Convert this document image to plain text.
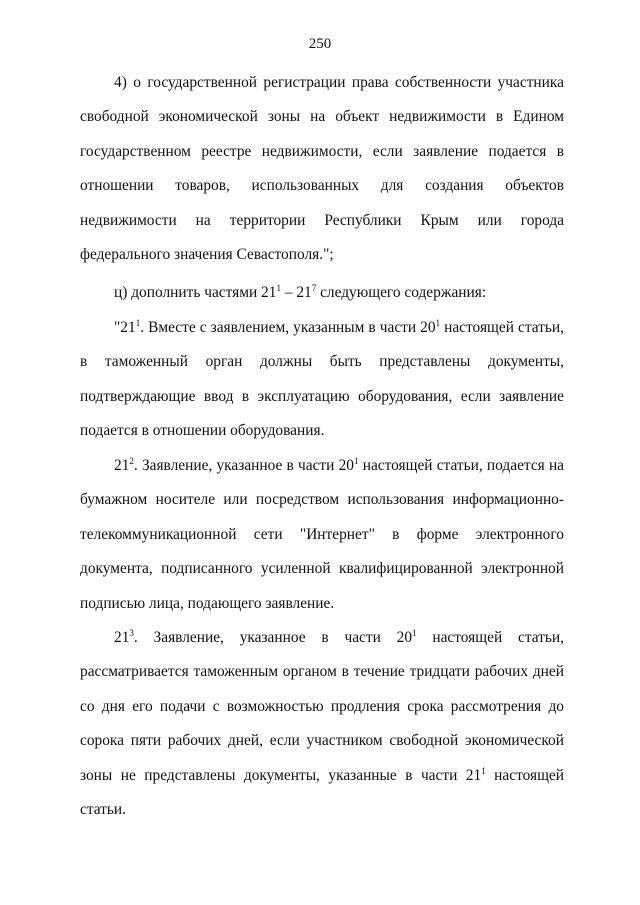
250

4) о государственной регистрации права собственности участника свободной экономической зоны на объект недвижимости в Едином государственном реестре недвижимости, если заявление подается в отношении товаров, использованных для создания объектов недвижимости на территории Республики Крым или города федерального значения Севастополя.";

ц) дополнить частями $21^1 - 21^7$ следующего содержания:

"$21^1$. Вместе с заявлением, указанным в части $20^1$ настоящей статьи, в таможенный орган должны быть представлены документы, подтверждающие ввод в эксплуатацию оборудования, если заявление подается в отношении оборудования.

$21^2$. Заявление, указанное в части $20^1$ настоящей статьи, подается на бумажном носителе или посредством использования информационно-телекоммуникационной сети "Интернет" в форме электронного документа, подписанного усиленной квалифицированной электронной подписью лица, подающего заявление.

$21^3$. Заявление, указанное в части $20^1$ настоящей статьи, рассматривается таможенным органом в течение тридцати рабочих дней со дня его подачи с возможностью продления срока рассмотрения до сорока пяти рабочих дней, если участником свободной экономической зоны не представлены документы, указанные в части $21^1$ настоящей статьи.
